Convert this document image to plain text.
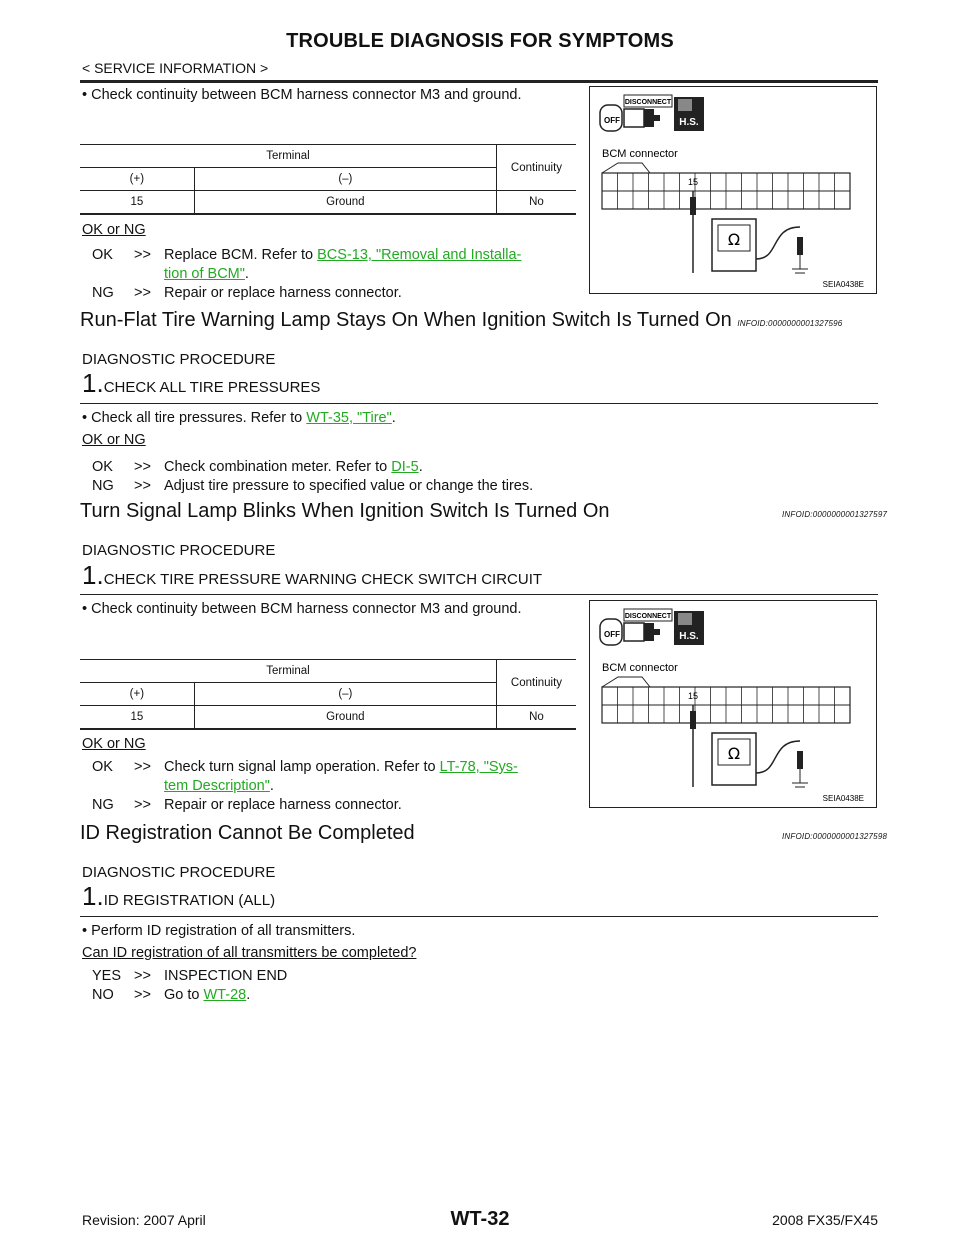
TROUBLE DIAGNOSIS FOR SYMPTOMS
< SERVICE INFORMATION >
• Check continuity between BCM harness connector M3 and ground.
Terminal		Continuity
(+)	(–)	
15	Ground	No
OK or NG
OK >> Replace BCM. Refer to BCS-13, "Removal and Installa-
tion of BCM".
NG >> Repair or replace harness connector.
DISCONNECT
OFF	H.S.
BCM connector
15
Ω
SEIA0438E
Run-Flat Tire Warning Lamp Stays On When Ignition Switch Is Turned On INFOID:0000000001327596
DIAGNOSTIC PROCEDURE
1.CHECK ALL TIRE PRESSURES
• Check all tire pressures. Refer to WT-35, "Tire".
OK or NG
OK >> Check combination meter. Refer to DI-5.
NG >> Adjust tire pressure to specified value or change the tires.
Turn Signal Lamp Blinks When Ignition Switch Is Turned On	INFOID:0000000001327597
DIAGNOSTIC PROCEDURE
1.CHECK TIRE PRESSURE WARNING CHECK SWITCH CIRCUIT
• Check continuity between BCM harness connector M3 and ground.
Terminal		Continuity
(+)	(–)	
15	Ground	No
OK or NG
OK >> Check turn signal lamp operation. Refer to LT-78, "Sys-
tem Description".
NG >> Repair or replace harness connector.
DISCONNECT
OFF	H.S.
BCM connector
15
Ω
SEIA0438E
ID Registration Cannot Be Completed	INFOID:0000000001327598
DIAGNOSTIC PROCEDURE
1.ID REGISTRATION (ALL)
• Perform ID registration of all transmitters.
Can ID registration of all transmitters be completed?
YES >> INSPECTION END
NO >> Go to WT-28.
Revision: 2007 April	WT-32	2008 FX35/FX45
